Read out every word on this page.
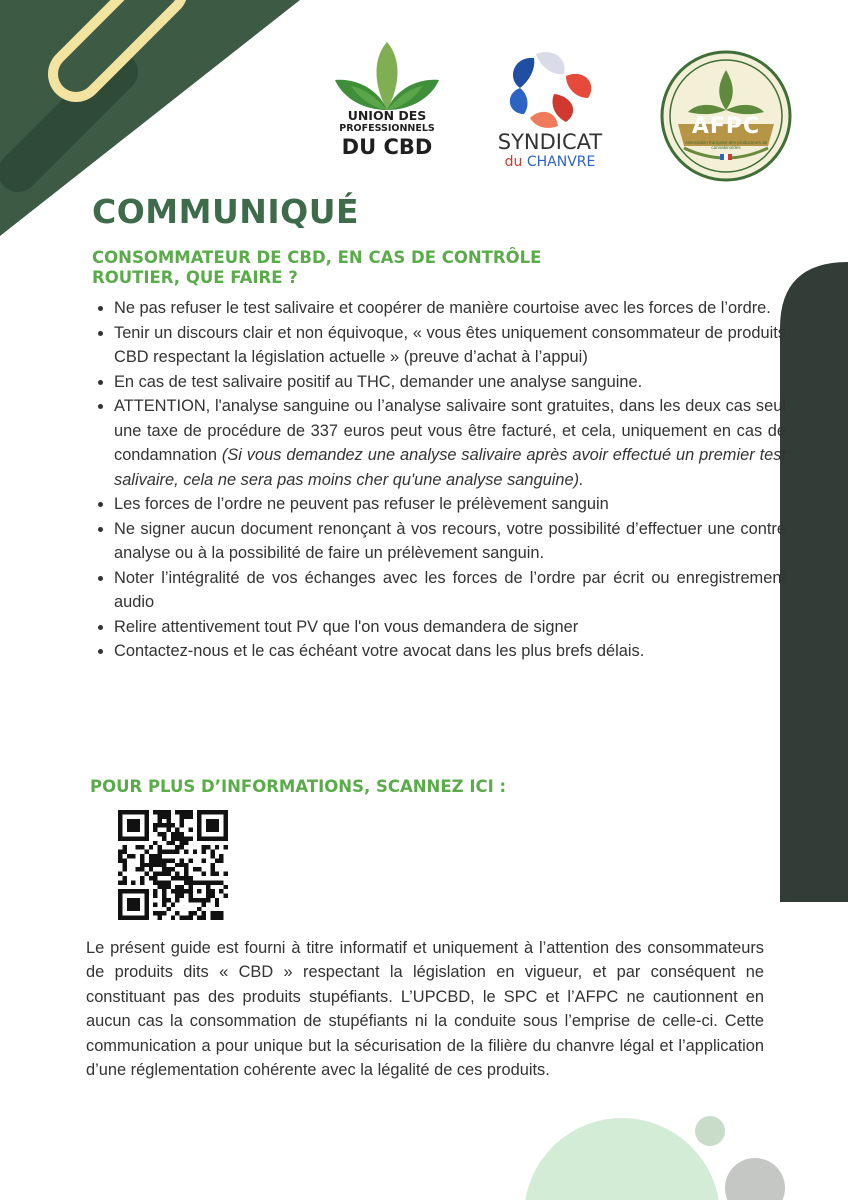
UNION DES
PROFESSIONNELS
DU CBD	SYNDICAT
du CHANVRE
AFPC
Association française des producteurs de cannabinoïdes
COMMUNIQUÉ
CONSOMMATEUR DE CBD, EN CAS DE CONTRÔLE
ROUTIER, QUE FAIRE ?
• Ne pas refuser le test salivaire et coopérer de manière courtoise avec les forces de l’ordre.
• Tenir un discours clair et non équivoque, « vous êtes uniquement consommateur de produits CBD respectant la législation actuelle » (preuve d’achat à l’appui)
• En cas de test salivaire positif au THC, demander une analyse sanguine.
• ATTENTION, l'analyse sanguine ou l’analyse salivaire sont gratuites, dans les deux cas seul une taxe de procédure de 337 euros peut vous être facturé, et cela, uniquement en cas de condamnation (Si vous demandez une analyse salivaire après avoir effectué un premier test salivaire, cela ne sera pas moins cher qu'une analyse sanguine).
• Les forces de l’ordre ne peuvent pas refuser le prélèvement sanguin
• Ne signer aucun document renonçant à vos recours, votre possibilité d’effectuer une contre analyse ou à la possibilité de faire un prélèvement sanguin.
• Noter l’intégralité de vos échanges avec les forces de l’ordre par écrit ou enregistrement audio
• Relire attentivement tout PV que l'on vous demandera de signer
• Contactez-nous et le cas échéant votre avocat dans les plus brefs délais.
POUR PLUS D’INFORMATIONS, SCANNEZ ICI :

Le présent guide est fourni à titre informatif et uniquement à l’attention des consommateurs de produits dits « CBD » respectant la législation en vigueur, et par conséquent ne constituant pas des produits stupéfiants. L’UPCBD, le SPC et l’AFPC ne cautionnent en aucun cas la consommation de stupéfiants ni la conduite sous l’emprise de celle-ci. Cette communication a pour unique but la sécurisation de la filière du chanvre légal et l’application d’une réglementation cohérente avec la légalité de ces produits.
